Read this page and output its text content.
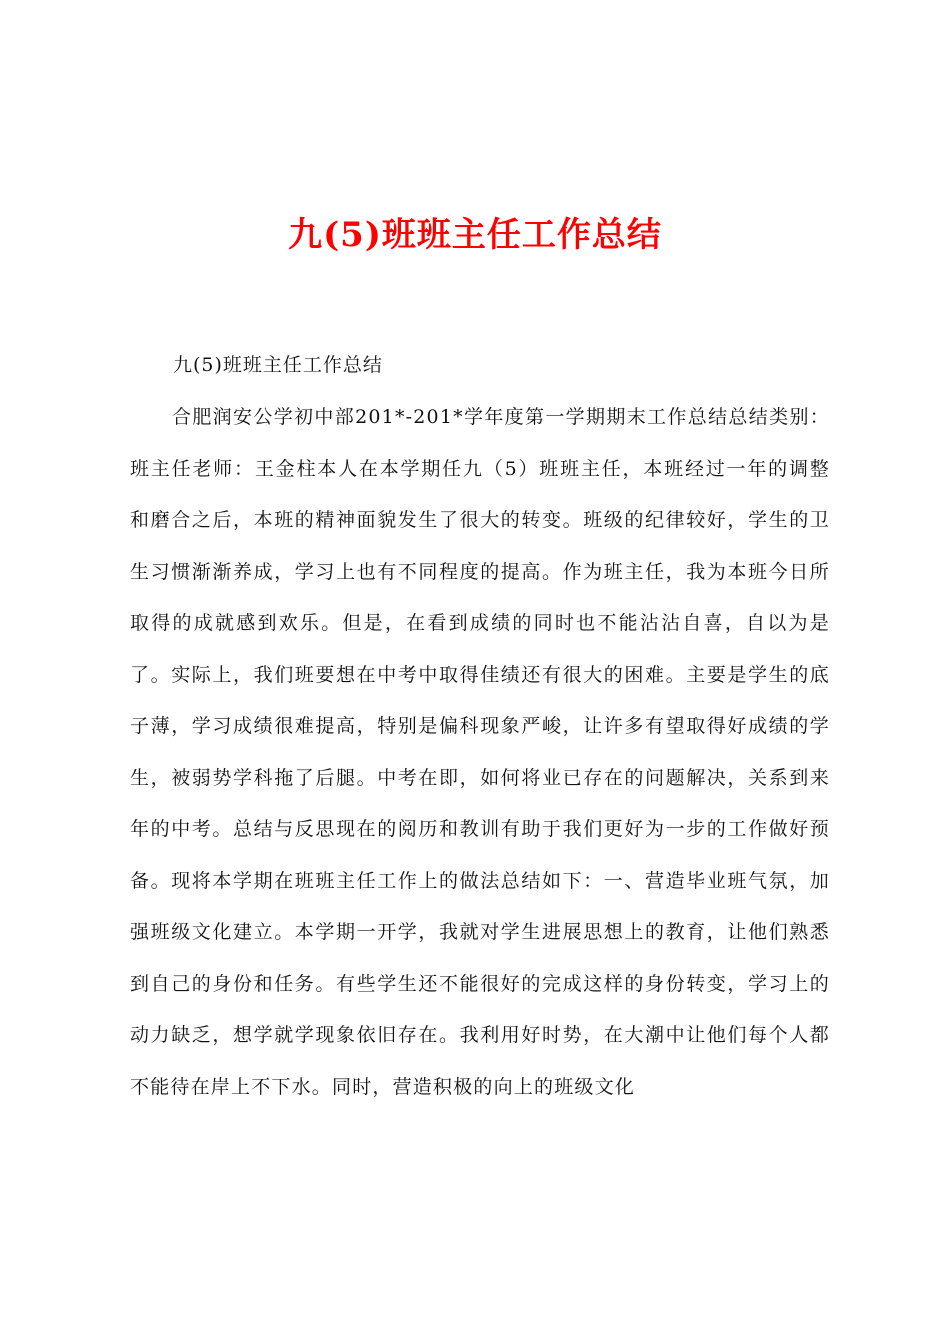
九(5)班班主任工作总结
九(5)班班主任工作总结

合肥润安公学初中部201*-201*学年度第一学期期末工作总结总结类别：班主任老师：王金柱本人在本学期任九（5）班班主任，本班经过一年的调整和磨合之后，本班的精神面貌发生了很大的转变。班级的纪律较好，学生的卫生习惯渐渐养成，学习上也有不同程度的提高。作为班主任，我为本班今日所取得的成就感到欢乐。但是，在看到成绩的同时也不能沾沾自喜，自以为是了。实际上，我们班要想在中考中取得佳绩还有很大的困难。主要是学生的底子薄，学习成绩很难提高，特别是偏科现象严峻，让许多有望取得好成绩的学生，被弱势学科拖了后腿。中考在即，如何将业已存在的问题解决，关系到来年的中考。总结与反思现在的阅历和教训有助于我们更好为一步的工作做好预备。现将本学期在班班主任工作上的做法总结如下：一、营造毕业班气氛，加强班级文化建立。本学期一开学，我就对学生进展思想上的教育，让他们熟悉到自己的身份和任务。有些学生还不能很好的完成这样的身份转变，学习上的动力缺乏，想学就学现象依旧存在。我利用好时势，在大潮中让他们每个人都不能待在岸上不下水。同时，营造积极的向上的班级文化
